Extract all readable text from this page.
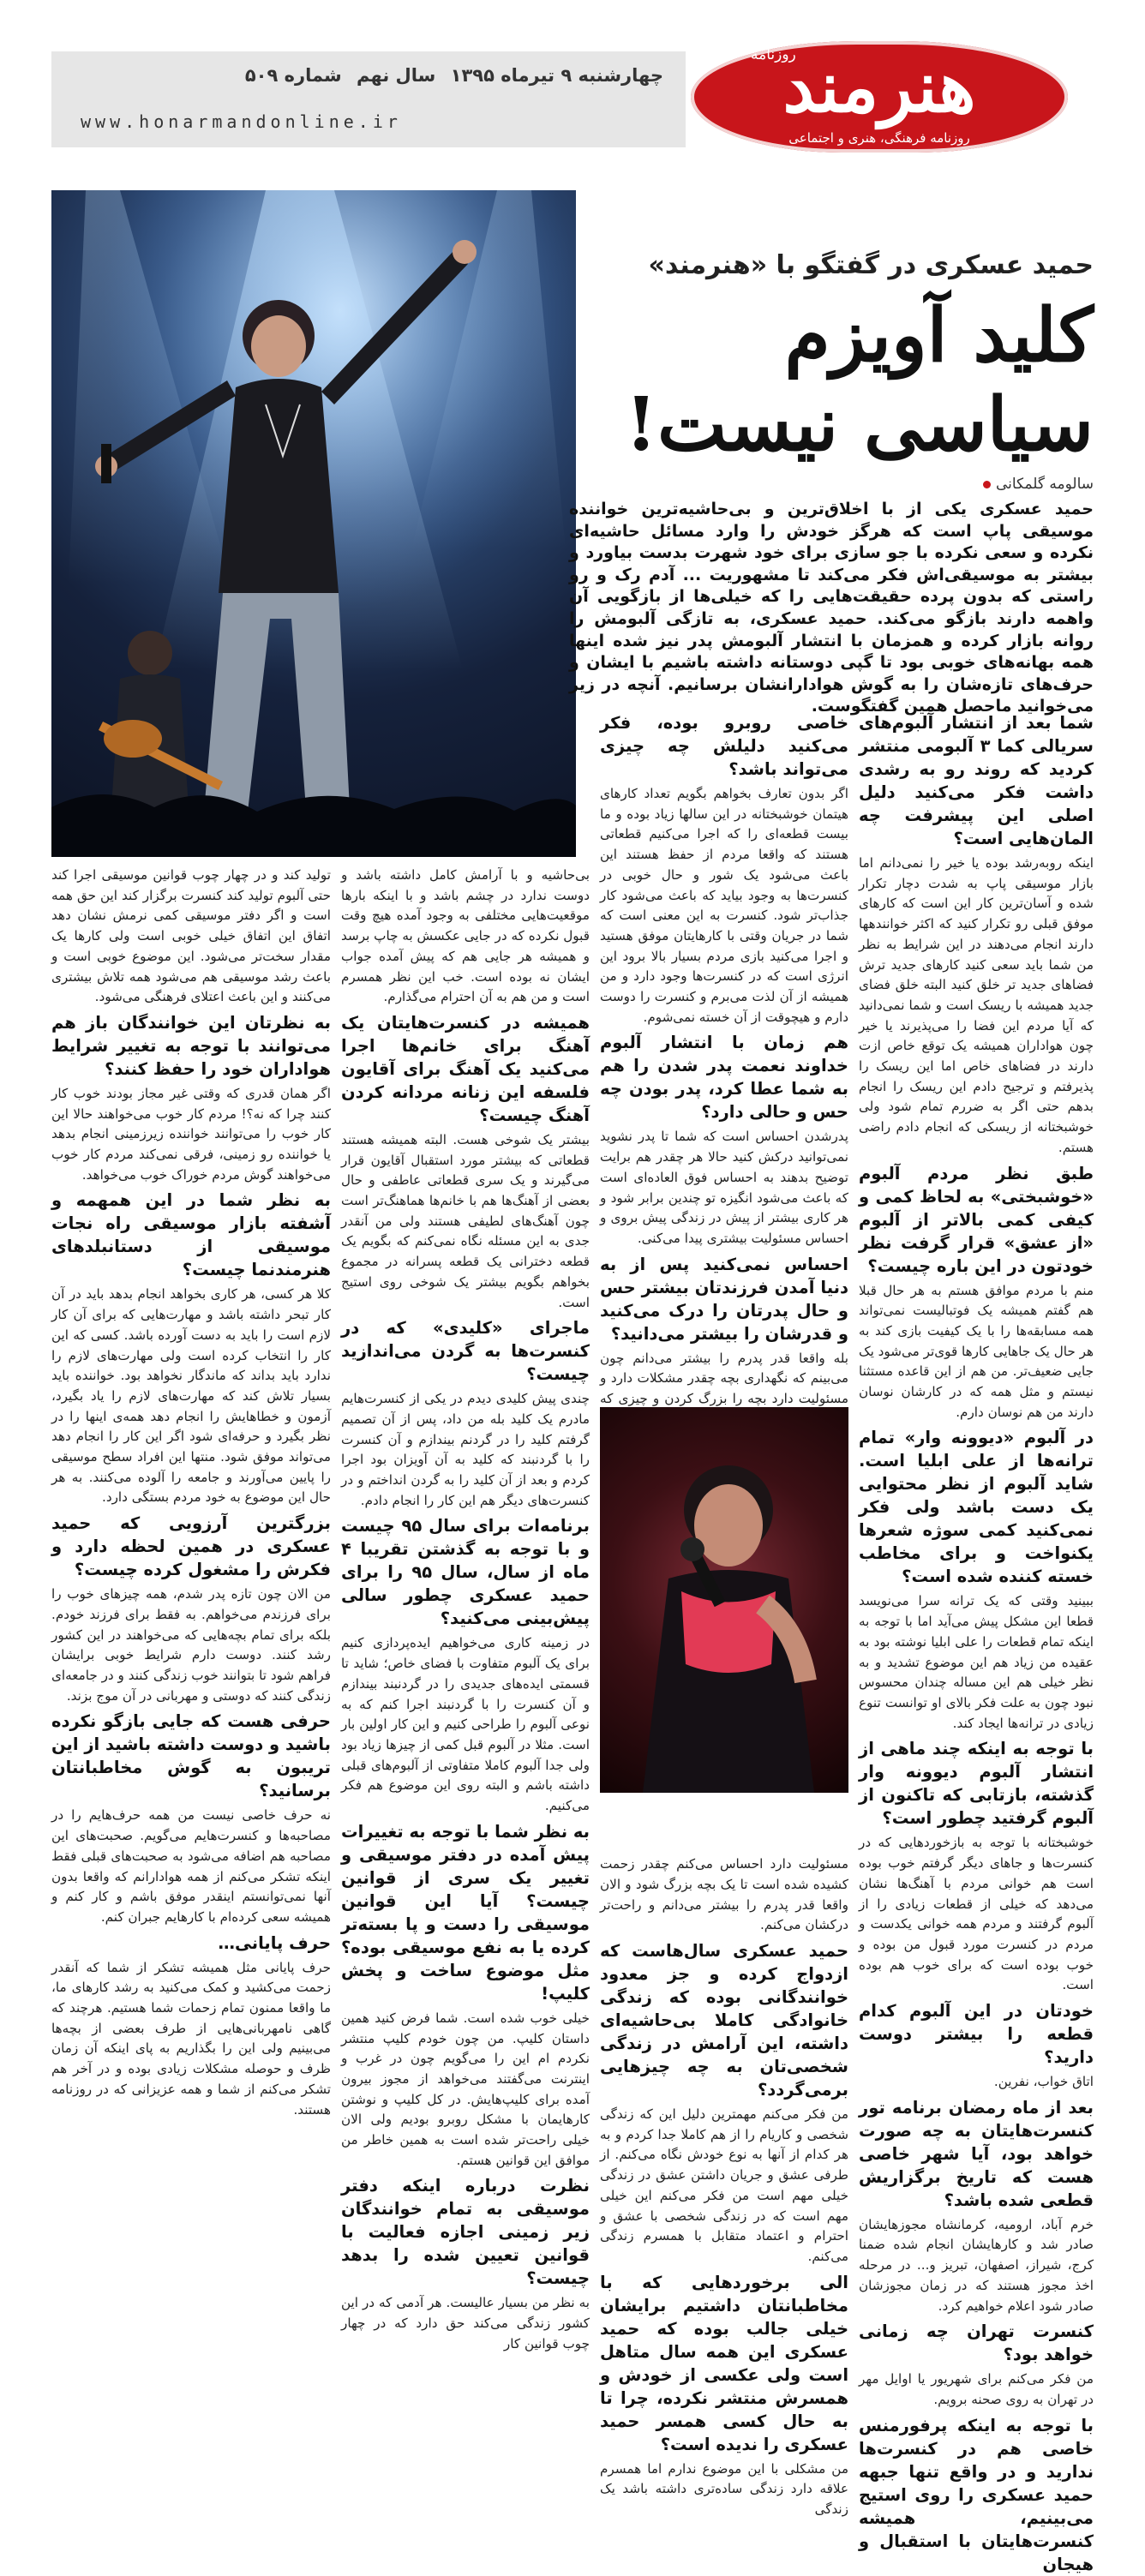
چهارشنبه ۹ تیرماه ۱۳۹۵ سال نهم شماره ۵۰۹
www.honarmandonline.ir
روزنامه
هنرمند
روزنامه فرهنگی، هنری و اجتماعی
حمید عسکری در گفتگو با «هنرمند»
کلید آویزم
سیاسی نیست!
سالومه گلمکانی
حمید عسکری یکی از با اخلاق‌ترین و بی‌حاشیه‌ترین خواننده موسیقی پاپ است که هرگز خودش را وارد مسائل حاشیه‌ای نکرده و سعی نکرده با جو سازی برای خود شهرت بدست بیاورد و بیشتر به موسیقی‌اش فکر می‌کند تا مشهوریت ... آدم رک و رو راستی که بدون پرده حقیقت‌هایی را که خیلی‌ها از بازگویی آن واهمه دارند بازگو می‌کند. حمید عسکری، به تازگی آلبومش را روانه بازار کرده و همزمان با انتشار آلبومش پدر نیز شده اینها همه بهانه‌های خوبی بود تا گپی دوستانه داشته باشیم با ایشان و حرف‌های تازه‌شان را به گوش هوادارانشان برسانیم. آنچه در زیر می‌خوانید ماحصل همین گفتگوست.
شما بعد از انتشار آلبوم‌های سریالی کما ۳ آلبومی منتشر کردید که روند رو به رشدی داشت فکر می‌کنید دلیل اصلی این پیشرفت چه المان‌هایی است؟

اینکه روبه‌رشد بوده یا خیر را نمی‌دانم اما بازار موسیقی پاپ به شدت دچار تکرار شده و آسان‌ترین کار این است که کارهای موفق قبلی رو تکرار کنید که اکثر خوانندهها دارند انجام می‌دهند در این شرایط به نظر من شما باید سعی کنید کارهای جدید ترش فضاهای جدید تر خلق کنید البته خلق فضای جدید همیشه با ریسک است و شما نمی‌دانید که آیا مردم این فضا را می‌پذیرند یا خیر چون هواداران همیشه یک توقع خاص ازت دارند در فضاهای خاص اما این ریسک را پذیرفتم و ترجیح دادم این ریسک را انجام بدهم حتی اگر به ضررم تمام شود ولی خوشبختانه از ریسکی که انجام دادم راضی هستم.

طبق نظر مردم آلبوم «خوشبختی» به لحاظ کمی و کیفی کمی بالاتر از آلبوم «از عشق» قرار گرفت نظر خودتون در این باره چیست؟

منم با مردم موافق هستم به هر حال قبلا هم گفتم همیشه یک فوتبالیست نمی‌تواند همه مسابقه‌ها را با یک کیفیت بازی کند به هر حال یک جاهایی کارها قوی‌تر می‌شود یک جایی ضعیف‌تر. من هم از این قاعده مستثنا نیستم و مثل همه که در کارشان نوسان دارند من هم نوسان دارم.

در آلبوم «دیوونه وار» تمام ترانه‌ها از علی ابلیا است. شاید آلبوم از نظر محتوایی یک دست باشد ولی فکر نمی‌کنید کمی سوژه شعرها یکنواخت و برای مخاطب خسته کننده شده است؟

ببینید وقتی که یک ترانه سرا می‌نویسد قطعا این مشکل پیش می‌آید اما با توجه به اینکه تمام قطعات را علی ابلیا نوشته بود به عقیده من زیاد هم این موضوع تشدید و به نظر خیلی هم این مساله چندان محسوس نبود چون به علت فکر بالای او توانست تنوع زیادی در ترانه‌ها ایجاد کند.

با توجه به اینکه چند ماهی از انتشار آلبوم دیوونه وار گذشته، بازتابی که تاکنون از آلبوم گرفتید چطور است؟

خوشبختانه با توجه به بازخوردهایی که در کنسرت‌ها و جاهای دیگر گرفتم خوب بوده است هم خوانی مردم با آهنگ‌ها نشان می‌دهد که خیلی از قطعات زیادی را از آلبوم گرفتند و مردم همه خوانی یکدست و مردم در کنسرت مورد قبول من بوده و خوب بوده است که برای خوب هم بوده است.

خودتان در این آلبوم کدام قطعه را بیشتر دوست دارید؟

اتاق خواب، نفرین.

بعد از ماه رمضان برنامه تور کنسرت‌هایتان به چه صورت خواهد بود، آیا شهر خاصی هست که تاریخ برگزاریش قطعی شده باشد؟

خرم آباد، ارومیه، کرمانشاه مجوزهایشان صادر شد و کارهایشان انجام شده ضمنا کرج، شیراز، اصفهان، تبریز و... در مرحله اخذ مجوز هستند که در زمان مجوزشان صادر شود اعلام خواهیم کرد.

کنسرت تهران چه زمانی خواهد بود؟

من فکر می‌کنم برای شهریور یا اوایل مهر در تهران به روی صحنه برویم.

با توجه به اینکه پرفورمنس خاصی هم در کنسرت‌ها ندارید و در واقع تنها جبهه حمید عسکری را روی استیج می‌بینیم، همیشه کنسرت‌هایتان با استقبال و هیجان
خاصی روبرو بوده، فکر می‌کنید دلیلش چه چیزی می‌تواند باشد؟

اگر بدون تعارف بخواهم بگویم تعداد کارهای هیتمان خوشبختانه در این سالها زیاد بوده و ما بیست قطعه‌ای را که اجرا می‌کنیم قطعاتی هستند که واقعا مردم از حفظ هستند این باعث می‌شود یک شور و حال خوبی در کنسرت‌ها به وجود بیاید که باعث می‌شود کار جذاب‌تر شود. کنسرت به این معنی است که شما در جریان وقتی با کارهایتان موفق هستید و اجرا می‌کنید بازی مردم بسیار بالا برود این انرژی است که در کنسرت‌ها وجود دارد و من همیشه از آن لذت می‌برم و کنسرت را دوست دارم و هیچوقت از آن خسته نمی‌شوم.

هم زمان با انتشار آلبوم خداوند نعمت پدر شدن را هم به شما عطا کرد، پدر بودن چه حس و حالی دارد؟

پدرشدن احساس است که شما تا پدر نشوید نمی‌توانید درکش کنید حالا هر چقدر هم برایت توضیح بدهند به احساس فوق العاده‌ای است که باعث می‌شود انگیزه تو چندین برابر شود و هر کاری بیشتر از پیش در زندگی پیش بروی و احساس مسئولیت بیشتری پیدا می‌کنی.

احساس نمی‌کنید پس از به دنیا آمدن فرزندتان بیشتر حس و حال پدرتان را درک می‌کنید و قدرشان را بیشتر می‌دانید؟

بله واقعا قدر پدرم را بیشتر می‌دانم چون می‌بینم که نگهداری بچه چقدر مشکلات دارد و مسئولیت دارد بچه را بزرگ کردن و چیزی که

مسئولیت دارد احساس می‌کنم چقدر زحمت کشیده شده است تا یک بچه بزرگ شود و الان واقعا قدر پدرم را بیشتر می‌دانم و راحت‌تر درکشان می‌کنم.

حمید عسکری سال‌هاست که ازدواج کرده و جز معدود خوانندگانی بوده که زندگی خانوادگی کاملا بی‌حاشیه‌ای داشته، این آرامش در زندگی شخصی‌تان به چه چیزهایی برمی‌گردد؟

من فکر می‌کنم مهمترین دلیل این که زندگی شخصی و کاریام را از هم کاملا جدا کردم و به هر کدام از آنها به نوع خودش نگاه می‌کنم. از طرفی عشق و جریان داشتن عشق در زندگی خیلی مهم است من فکر می‌کنم این خیلی مهم است که در زندگی شخصی با عشق و احترام و اعتماد متقابل با همسرم زندگی می‌کنم.

الی برخوردهایی که با مخاطبانتان داشتیم برایشان خیلی جالب بوده که حمید عسکری این همه سال متاهل است ولی عکسی از خودش و همسرش منتشر نکرده، چرا تا به حال کسی همسر حمید عسکری را ندیده است؟

من مشکلی با این موضوع ندارم اما همسرم علاقه دارد زندگی ساده‌تری داشته باشد یک زندگی

بی‌حاشیه و با آرامش کامل داشته باشد و دوست ندارد در چشم باشد و با اینکه بارها موقعیت‌هایی مختلفی به وجود آمده هیچ وقت قبول نکرده که در جایی عکسش به چاپ برسد و همیشه هر جایی هم که پیش آمده جواب ایشان نه بوده است. خب این نظر همسرم است و من هم به آن احترام می‌گذارم.

همیشه در کنسرت‌هایتان یک آهنگ برای خانم‌ها اجرا می‌کنید یک آهنگ برای آقایون فلسفه این زنانه مردانه کردن آهنگ چیست؟

بیشتر یک شوخی هست. البته همیشه هستند قطعاتی که بیشتر مورد استقبال آقایون قرار می‌گیرند و یک سری قطعاتی عاطفی و حال بعضی از آهنگ‌ها هم با خانم‌ها هماهنگ‌تر است چون آهنگ‌های لطیفی هستند ولی من آنقدر جدی به این مسئله نگاه نمی‌کنم که بگویم یک قطعه دخترانی یک قطعه پسرانه در مجموع بخواهم بگویم بیشتر یک شوخی روی استیج است.

ماجرای «کلیدی» که در کنسرت‌ها به گردن می‌اندازید چیست؟

چندی پیش کلیدی دیدم در یکی از کنسرت‌هایم مادرم یک کلید بله من داد، پس از آن تصمیم گرفتم کلید را در گردنم بیندازم و آن کنسرت را با گردنبند که کلید به آن آویزان بود اجرا کردم و بعد از آن کلید را به گردن انداختم و در کنسرت‌های دیگر هم این کار را انجام دادم.

برنامه‌ات برای سال ۹۵ چیست و با توجه به گذشتن تقریبا ۴ ماه از سال، سال ۹۵ را برای حمید عسکری چطور سالی پیش‌بینی می‌کنید؟

در زمینه کاری می‌خواهیم ایده‌پردازی کنیم برای یک آلبوم متفاوت با فضای خاص؛ شاید تا قسمتی ایده‌های جدیدی را در گردنبند بیندازم و آن کنسرت را با گردنبند اجرا کنم که به نوعی آلبوم را طراحی کنیم و این کار اولین بار است. مثلا در آلبوم قبل کمی از چیزها زیاد بود ولی جدا آلبوم کاملا متفاوتی از آلبوم‌های قبلی داشته باشم و البته روی این موضوع هم فکر می‌کنیم.

به نظر شما با توجه به تغییرات پیش آمده در دفتر موسیقی و تغییر یک سری از قوانین چیست؟ آیا این قوانین موسیقی را دست و پا بسته‌تر کرده یا به نفع موسیقی بوده؟ مثل موضوع ساخت و پخش کلیپ!

خیلی خوب شده است. شما فرض کنید همین داستان کلیپ. من چون خودم کلیپ منتشر نکردم ام این را می‌گویم چون در غرب و اینترنت می‌گفتند می‌خواهد از مجوز بیرون آمده برای کلیپ‌هایش. در کل کلیپ و نوشتن کارهایمان با مشکل روبرو بودیم ولی الان خیلی راحت‌تر شده است به همین خاطر من موافق این قوانین هستم.

نظرت درباره اینکه دفتر موسیقی به تمام خوانندگان زیر زمینی اجازه فعالیت با قوانین تعیین شده را بدهد چیست؟

به نظر من بسیار عالیست. هر آدمی که در این کشور زندگی می‌کند حق دارد که در چهار چوب قوانین کار

تولید کند و در چهار چوب قوانین موسیقی اجرا کند حتی آلبوم تولید کند کنسرت برگزار کند این حق همه است و اگر دفتر موسیقی کمی نرمش نشان دهد اتفاق این اتفاق خیلی خوبی است ولی کارها یک مقدار سخت‌تر می‌شود. این موضوع خوبی است و باعث رشد موسیقی هم می‌شود همه تلاش بیشتری می‌کنند و این باعث اعتلای فرهنگی می‌شود.

به نظرتان این خوانندگان باز هم می‌توانند با توجه به تغییر شرایط هواداران خود را حفظ کنند؟

اگر همان قدری که وقتی غیر مجاز بودند خوب کار کنند چرا که نه؟! مردم کار خوب می‌خواهند حالا این کار خوب را می‌توانند خواننده زیرزمینی انجام بدهد یا خواننده رو زمینی، فرقی نمی‌کند مردم کار خوب می‌خواهند گوش مردم خوراک خوب می‌خواهد.

به نظر شما در این همهمه و آشفته بازار موسیقی راه نجات موسیقی از دستانبلدهای هنرمندنما چیست؟

کلا هر کسی، هر کاری بخواهد انجام بدهد باید در آن کار تبحر داشته باشد و مهارت‌هایی که برای آن کار لازم است را باید به دست آورده باشد. کسی که این کار را انتخاب کرده است ولی مهارت‌های لازم را ندارد باید بداند که ماندگار نخواهد بود. خواننده باید بسیار تلاش کند که مهارت‌های لازم را یاد بگیرد، آزمون و خطاهایش را انجام دهد همه‌ی اینها را در نظر بگیرد و حرفه‌ای شود اگر این کار را انجام دهد می‌تواند موفق شود. منتها این افراد سطح موسیقی را پایین می‌آورند و جامعه را آلوده می‌کنند. به هر حال این موضوع به خود مردم بستگی دارد.

بزرگترین آرزویی که حمید عسکری در همین لحظه دارد و فکرش را مشغول کرده چیست؟

من الان چون تازه پدر شدم، همه چیزهای خوب را برای فرزندم می‌خواهم. به فقط برای فرزند خودم. بلکه برای تمام بچه‌هایی که می‌خواهند در این کشور رشد کنند. دوست دارم شرایط خوبی برایشان فراهم شود تا بتوانند خوب زندگی کنند و در جامعه‌ای زندگی کنند که دوستی و مهربانی در آن موج بزند.

حرفی هست که جایی بازگو نکرده باشید و دوست داشته باشید از این تریبون به گوش مخاطبانتان برسانید؟

نه حرف خاصی نیست من همه حرف‌هایم را در مصاحبه‌ها و کنسرت‌هایم می‌گویم. صحبت‌های این مصاحبه هم اضافه می‌شود به صحبت‌های قبلی فقط اینکه تشکر می‌کنم از همه هوادارانم که واقعا بدون آنها نمی‌توانستم اینقدر موفق باشم و کار کنم و همیشه سعی کرده‌ام با کارهایم جبران کنم.

حرف پایانی…

حرف پایانی مثل همیشه تشکر از شما که آنقدر زحمت می‌کشید و کمک می‌کنید به رشد کارهای ما، ما واقعا ممنون تمام زحمات شما هستیم. هرچند که گاهی نامهربانی‌هایی از طرف بعضی از بچه‌ها می‌بینیم ولی این را بگذاریم به پای اینکه آن زمان ظرف و حوصله مشکلات زیادی بوده و در آخر هم تشکر می‌کنم از شما و همه عزیزانی که در روزنامه هستند.
